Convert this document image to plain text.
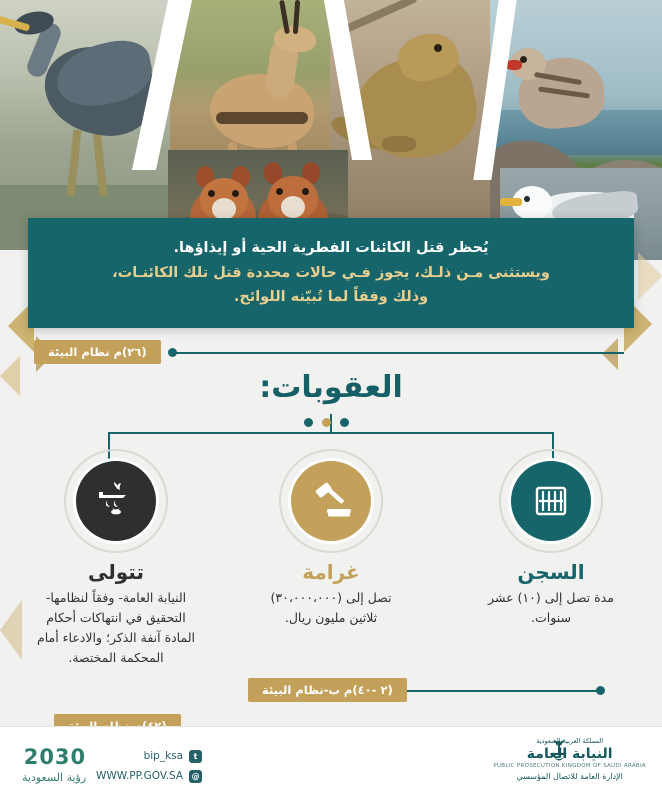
يُحظر قتل الكائنات الفطرية الحية أو إيذاؤها.
ويستثنى مـن ذلـك، يجوز فـي حالات محددة قتل تلك الكائنـات،
وذلك وفقاً لما تُبيّنه اللوائح.

(٢٦)م نظام البيئة
العقوبات:
السجن
مدة تصل إلى (١٠) عشر سنوات.
غرامة
تصل إلى (٣٠،٠٠٠،٠٠٠) ثلاثين مليون ريال.
تتولى
النيابة العامة- وفقاً لنظامها- التحقيق في انتهاكات أحكام المادة آنفة الذكر؛ والادعاء أمام المحكمة المختصة.
(٢ -٤٠)م ب-نظام البيئة
2030
رؤية السعودية
t
bip_ksa
@
WWW.PP.GOV.SA
المملكة العربية السعودية
النيابة العامة
PUBLIC PROSECUTION KINGDOM OF SAUDI ARABIA
الإدارة العامة للاتصال المؤسسي
